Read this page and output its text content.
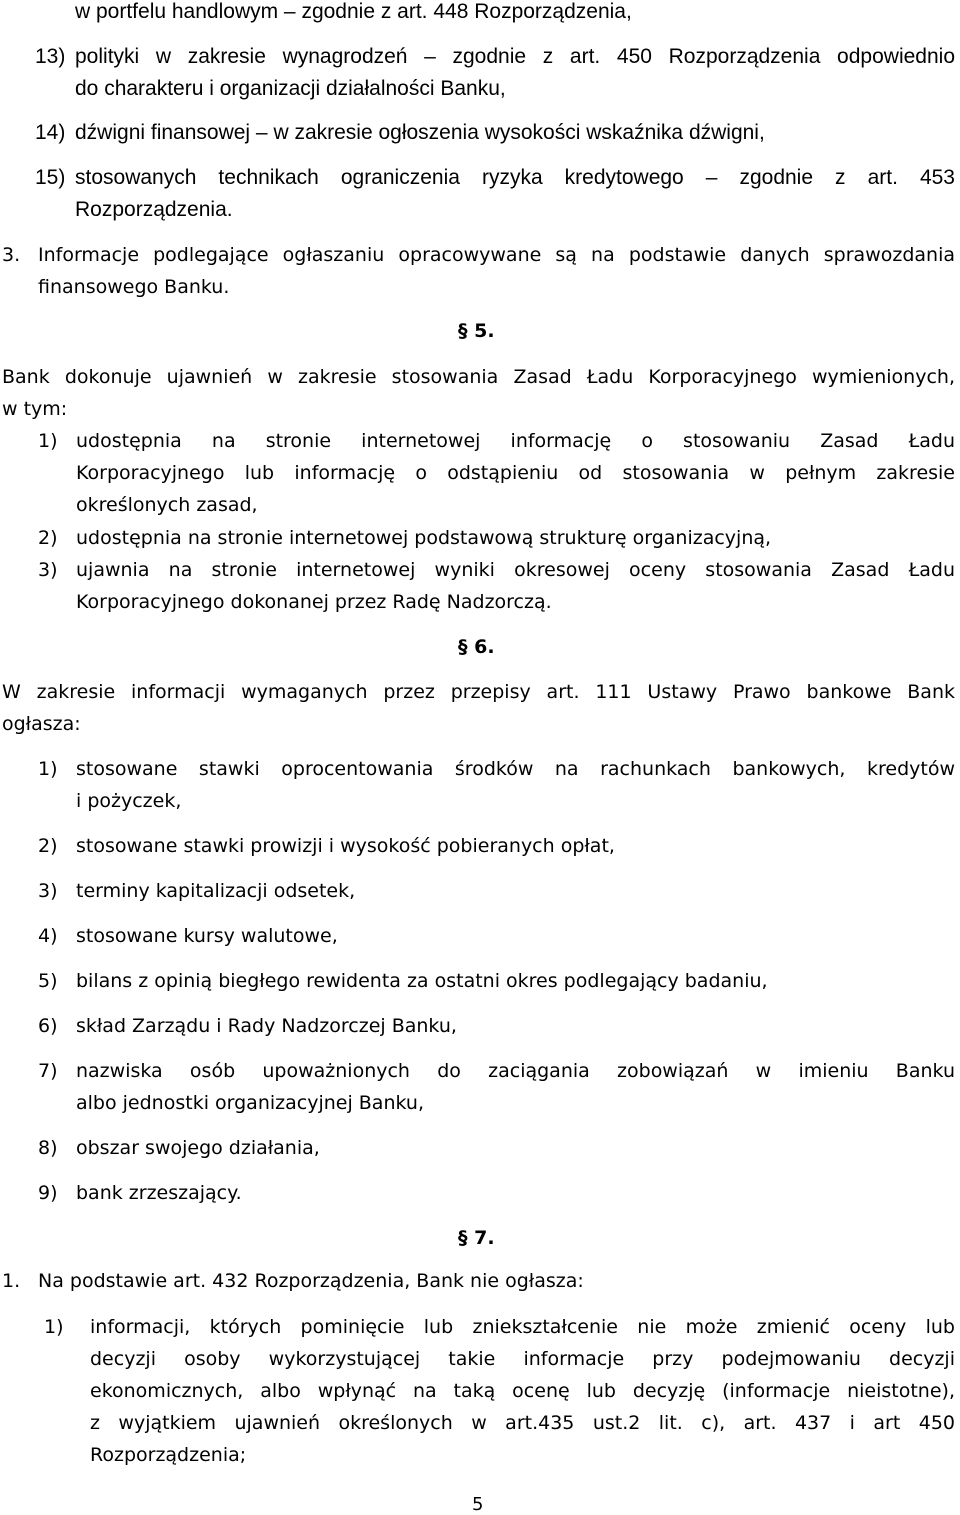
w portfelu handlowym – zgodnie z art. 448 Rozporządzenia,
13) polityki w zakresie wynagrodzeń – zgodnie z art. 450 Rozporządzenia odpowiednio
do charakteru i organizacji działalności Banku,
14) dźwigni finansowej – w zakresie ogłoszenia wysokości wskaźnika dźwigni,
15) stosowanych technikach ograniczenia ryzyka kredytowego – zgodnie z art. 453
Rozporządzenia.
3. Informacje podlegające ogłaszaniu opracowywane są na podstawie danych sprawozdania
finansowego Banku.
§ 5.
Bank dokonuje ujawnień w zakresie stosowania Zasad Ładu Korporacyjnego wymienionych,
w tym:
1) udostępnia na stronie internetowej informację o stosowaniu Zasad Ładu
Korporacyjnego lub informację o odstąpieniu od stosowania w pełnym zakresie
określonych zasad,
2) udostępnia na stronie internetowej podstawową strukturę organizacyjną,
3) ujawnia na stronie internetowej wyniki okresowej oceny stosowania Zasad Ładu
Korporacyjnego dokonanej przez Radę Nadzorczą.
§ 6.
W zakresie informacji wymaganych przez przepisy art. 111 Ustawy Prawo bankowe Bank
ogłasza:
1) stosowane stawki oprocentowania środków na rachunkach bankowych, kredytów
i pożyczek,
2) stosowane stawki prowizji i wysokość pobieranych opłat,
3) terminy kapitalizacji odsetek,
4) stosowane kursy walutowe,
5) bilans z opinią biegłego rewidenta za ostatni okres podlegający badaniu,
6) skład Zarządu i Rady Nadzorczej Banku,
7) nazwiska osób upoważnionych do zaciągania zobowiązań w imieniu Banku
albo jednostki organizacyjnej Banku,
8) obszar swojego działania,
9) bank zrzeszający.
§ 7.
1. Na podstawie art. 432 Rozporządzenia, Bank nie ogłasza:
1) informacji, których pominięcie lub zniekształcenie nie może zmienić oceny lub
decyzji osoby wykorzystującej takie informacje przy podejmowaniu decyzji
ekonomicznych, albo wpłynąć na taką ocenę lub decyzję (informacje nieistotne),
z wyjątkiem ujawnień określonych w art.435 ust.2 lit. c), art. 437 i art 450
Rozporządzenia;
5
